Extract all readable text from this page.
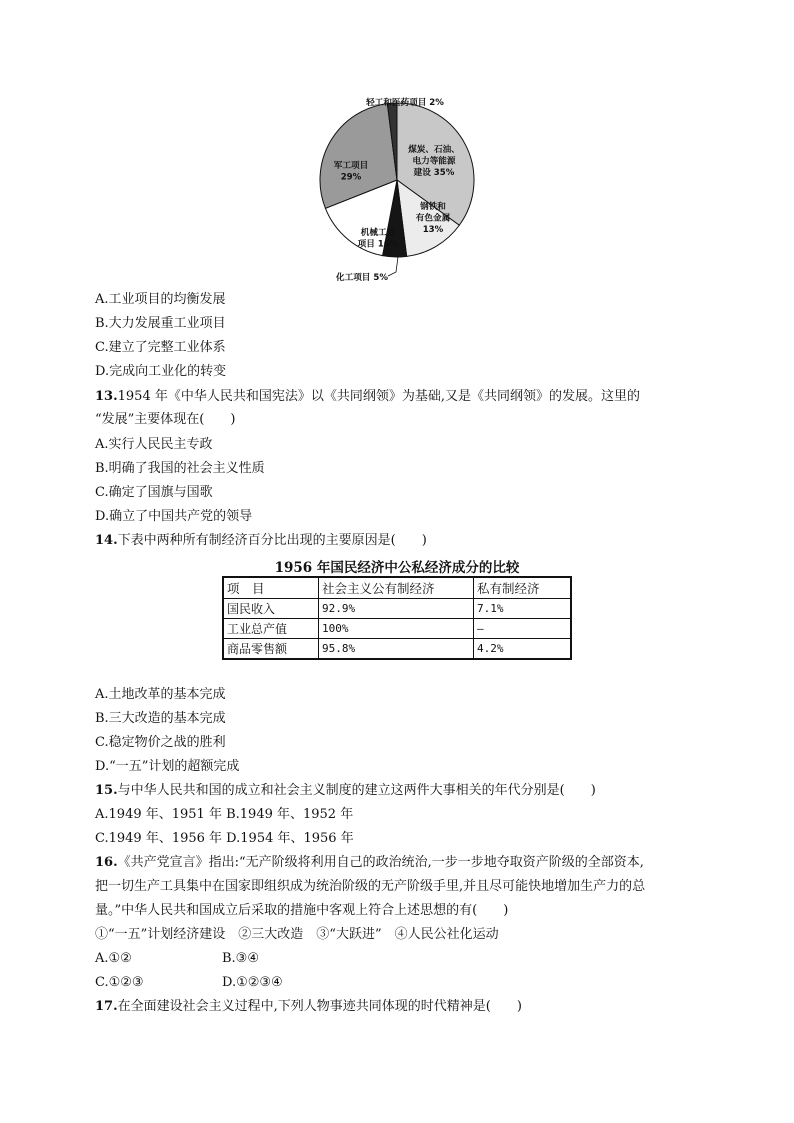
煤炭、石油、电力等能源建设 35%
钢铁和有色金属 13%
化工项目 5%
机械工业项目 16%
军工项目 29%
轻工和医药项目 2%
A.工业项目的均衡发展
B.大力发展重工业项目
C.建立了完整工业体系
D.完成向工业化的转变
13.1954 年《中华人民共和国宪法》以《共同纲领》为基础,又是《共同纲领》的发展。这里的
“发展”主要体现在(　　)
A.实行人民民主专政
B.明确了我国的社会主义性质
C.确定了国旗与国歌
D.确立了中国共产党的领导
14.下表中两种所有制经济百分比出现的主要原因是(　　)
1956 年国民经济中公私经济成分的比较
项　目	社会主义公有制经济	私有制经济
国民收入	92.9%	7.1%
工业总产值	100%	—
商品零售额	95.8%	4.2%
A.土地改革的基本完成
B.三大改造的基本完成
C.稳定物价之战的胜利
D.“一五”计划的超额完成
15.与中华人民共和国的成立和社会主义制度的建立这两件大事相关的年代分别是(　　)
A.1949 年、1951 年 B.1949 年、1952 年
C.1949 年、1956 年 D.1954 年、1956 年
16.《共产党宣言》指出:“无产阶级将利用自己的政治统治,一步一步地夺取资产阶级的全部资本,
把一切生产工具集中在国家即组织成为统治阶级的无产阶级手里,并且尽可能快地增加生产力的总
量。”中华人民共和国成立后采取的措施中客观上符合上述思想的有(　　)
①“一五”计划经济建设　②三大改造　③“大跃进”　④人民公社化运动
A.①②	B.③④
C.①②③	D.①②③④
17.在全面建设社会主义过程中,下列人物事迹共同体现的时代精神是(　　)
